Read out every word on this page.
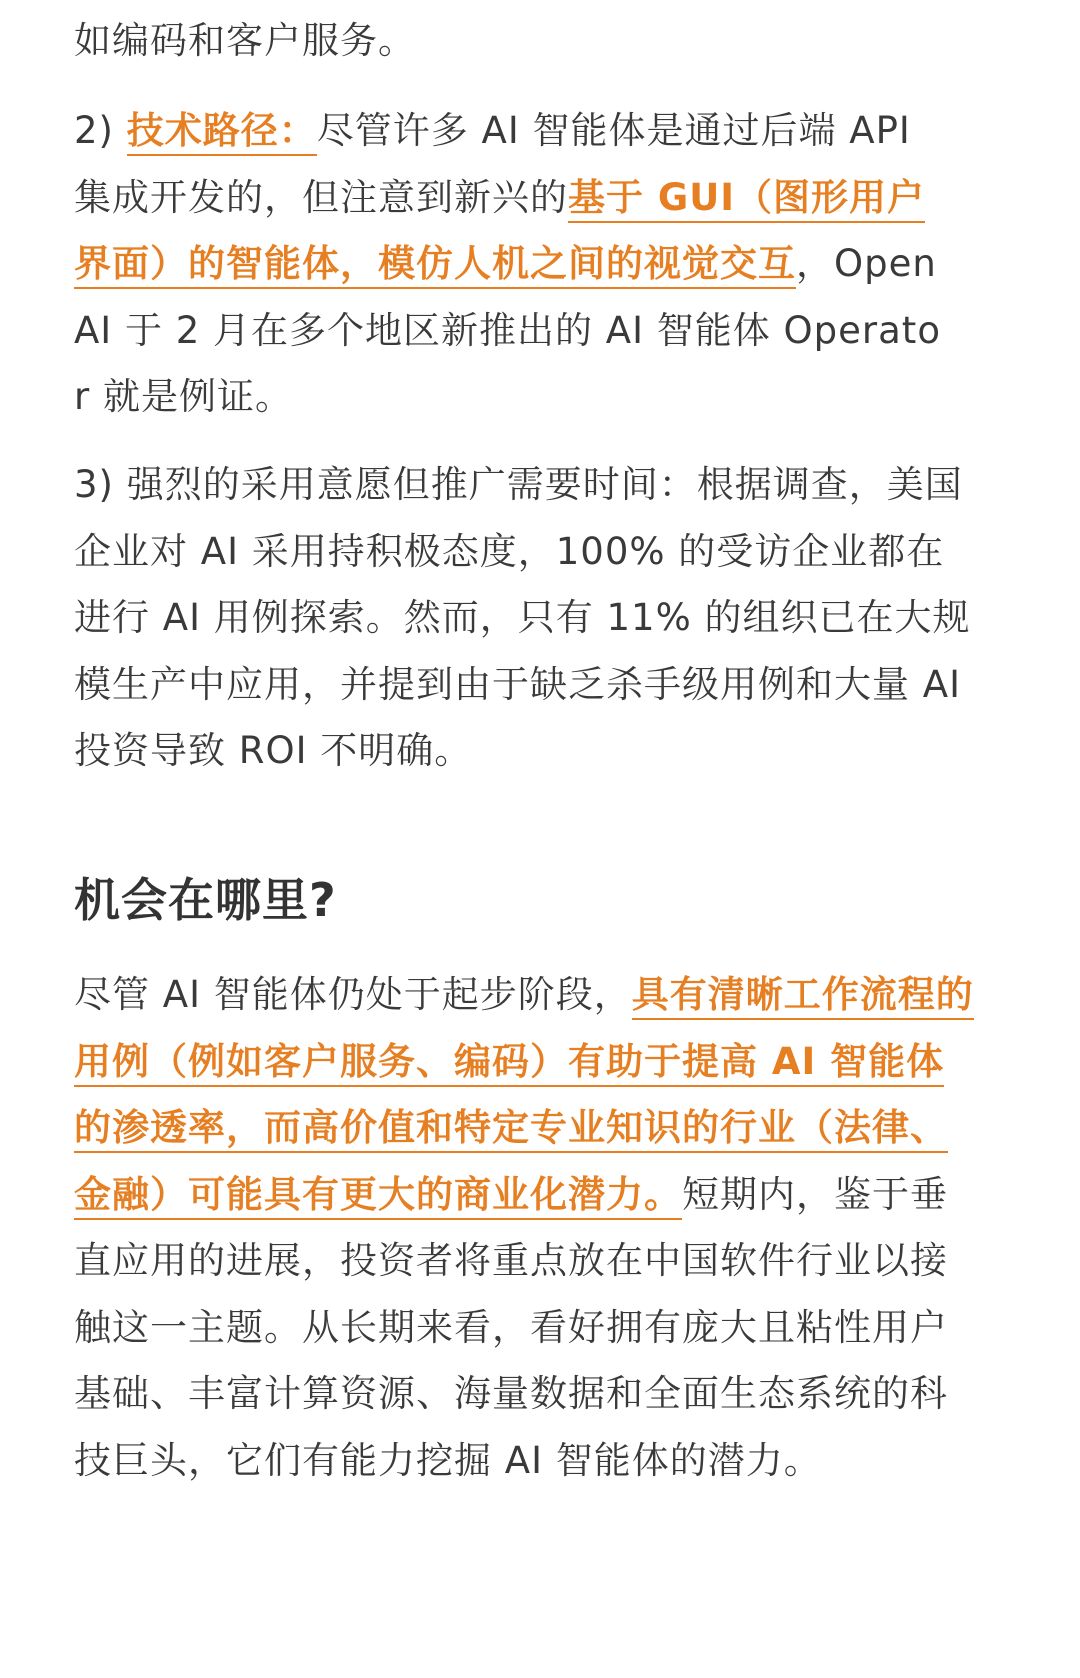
如编码和客户服务。

2) 技术路径：尽管许多 AI 智能体是通过后端 API 集成开发的，但注意到新兴的基于 GUI（图形用户界面）的智能体，模仿人机之间的视觉交互，OpenAI 于 2 月在多个地区新推出的 AI 智能体 Operator 就是例证。

3) 强烈的采用意愿但推广需要时间：根据调查，美国企业对 AI 采用持积极态度，100% 的受访企业都在进行 AI 用例探索。然而，只有 11% 的组织已在大规模生产中应用，并提到由于缺乏杀手级用例和大量 AI 投资导致 ROI 不明确。

机会在哪里?

尽管 AI 智能体仍处于起步阶段，具有清晰工作流程的用例（例如客户服务、编码）有助于提高 AI 智能体的渗透率，而高价值和特定专业知识的行业（法律、金融）可能具有更大的商业化潜力。短期内，鉴于垂直应用的进展，投资者将重点放在中国软件行业以接触这一主题。从长期来看，看好拥有庞大且粘性用户基础、丰富计算资源、海量数据和全面生态系统的科技巨头，它们有能力挖掘 AI 智能体的潜力。
